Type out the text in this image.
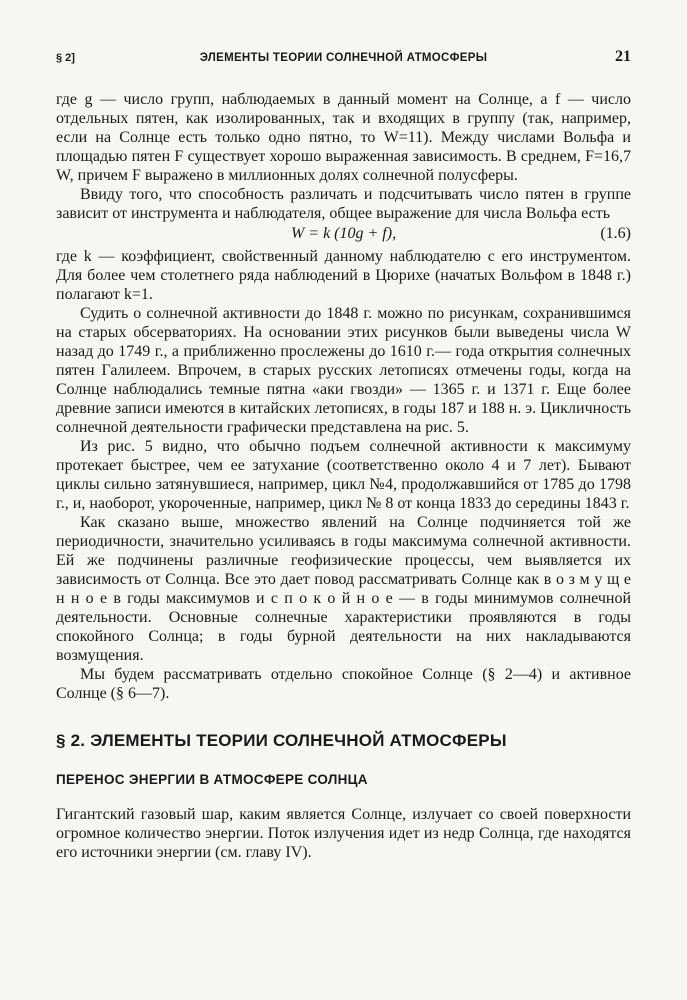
§ 2]	ЭЛЕМЕНТЫ ТЕОРИИ СОЛНЕЧНОЙ АТМОСФЕРЫ	21

где g — число групп, наблюдаемых в данный момент на Солнце, а f — число отдельных пятен, как изолированных, так и входящих в группу (так, например, если на Солнце есть только одно пятно, то W=11). Между числами Вольфа и площадью пятен F существует хорошо выраженная зависимость. В среднем, F=16,7 W, причем F выражено в миллионных долях солнечной полусферы.

Ввиду того, что способность различать и подсчитывать число пятен в группе зависит от инструмента и наблюдателя, общее выражение для числа Вольфа есть

W = k (10g + f),	(1.6)

где k — коэффициент, свойственный данному наблюдателю с его инструментом. Для более чем столетнего ряда наблюдений в Цюрихе (начатых Вольфом в 1848 г.) полагают k=1.

Судить о солнечной активности до 1848 г. можно по рисункам, сохранившимся на старых обсерваториях. На основании этих рисунков были выведены числа W назад до 1749 г., а приближенно прослежены до 1610 г.— года открытия солнечных пятен Галилеем. Впрочем, в старых русских летописях отмечены годы, когда на Солнце наблюдались темные пятна «аки гвозди» — 1365 г. и 1371 г. Еще более древние записи имеются в китайских летописях, в годы 187 и 188 н. э. Цикличность солнечной деятельности графически представлена на рис. 5.

Из рис. 5 видно, что обычно подъем солнечной активности к максимуму протекает быстрее, чем ее затухание (соответственно около 4 и 7 лет). Бывают циклы сильно затянувшиеся, например, цикл №4, продолжавшийся от 1785 до 1798 г., и, наоборот, укороченные, например, цикл № 8 от конца 1833 до середины 1843 г.

Как сказано выше, множество явлений на Солнце подчиняется той же периодичности, значительно усиливаясь в годы максимума солнечной активности. Ей же подчинены различные геофизические процессы, чем выявляется их зависимость от Солнца. Все это дает повод рассматривать Солнце как в о з м у щ е н н о е в годы максимумов и с п о к о й н о е — в годы минимумов солнечной деятельности. Основные солнечные характеристики проявляются в годы спокойного Солнца; в годы бурной деятельности на них накладываются возмущения.

Мы будем рассматривать отдельно спокойное Солнце (§ 2—4) и активное Солнце (§ 6—7).

§ 2. ЭЛЕМЕНТЫ ТЕОРИИ СОЛНЕЧНОЙ АТМОСФЕРЫ
ПЕРЕНОС ЭНЕРГИИ В АТМОСФЕРЕ СОЛНЦА

Гигантский газовый шар, каким является Солнце, излучает со своей поверхности огромное количество энергии. Поток излучения идет из недр Солнца, где находятся его источники энергии (см. главу IV).
